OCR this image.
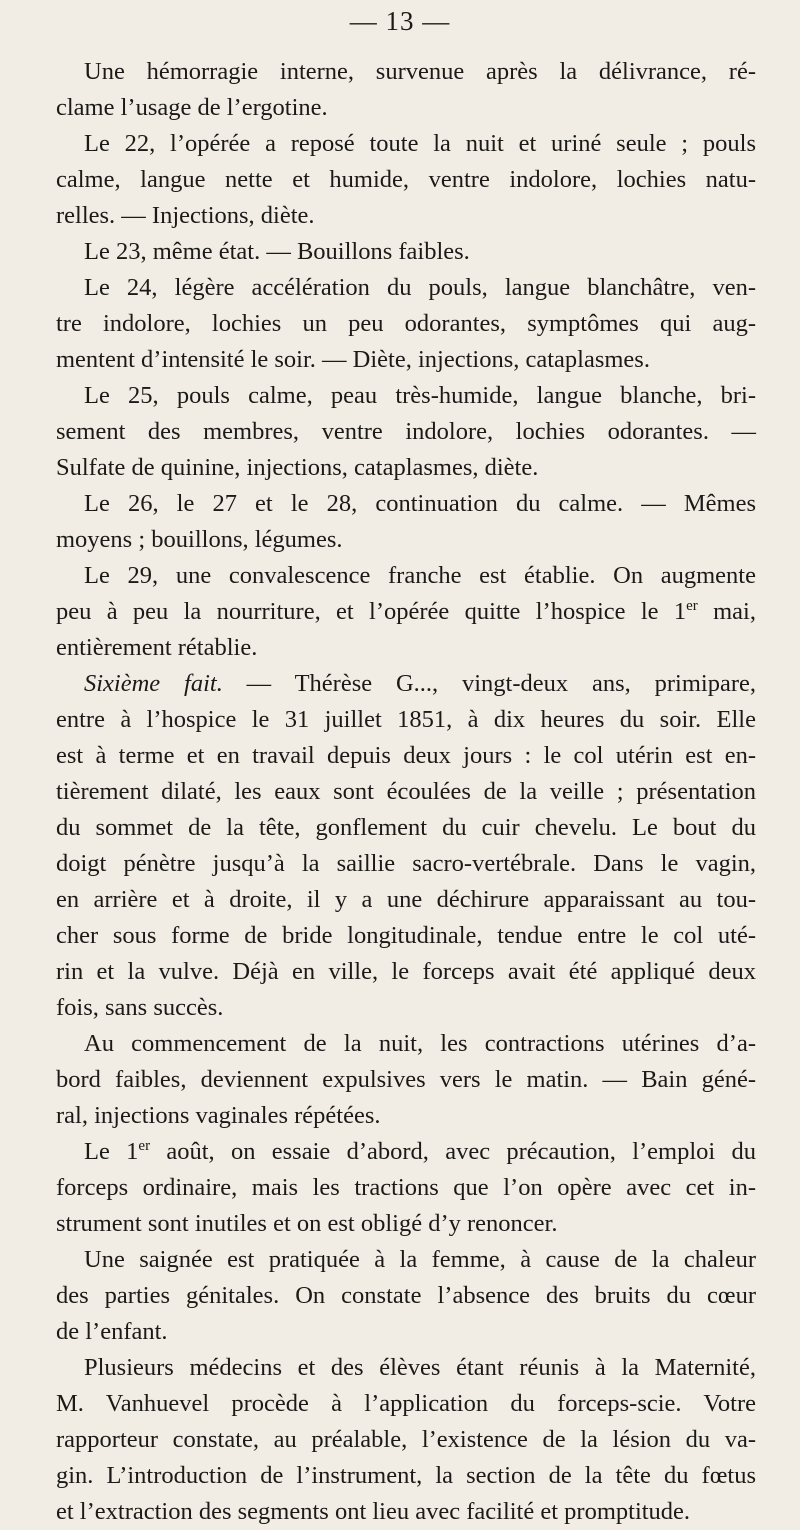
— 13 —
Une hémorragie interne, survenue après la délivrance, ré-
clame l’usage de l’ergotine.
Le 22, l’opérée a reposé toute la nuit et uriné seule ; pouls
calme, langue nette et humide, ventre indolore, lochies natu-
relles. — Injections, diète.
Le 23, même état. — Bouillons faibles.
Le 24, légère accélération du pouls, langue blanchâtre, ven-
tre indolore, lochies un peu odorantes, symptômes qui aug-
mentent d’intensité le soir. — Diète, injections, cataplasmes.
Le 25, pouls calme, peau très-humide, langue blanche, bri-
sement des membres, ventre indolore, lochies odorantes. —
Sulfate de quinine, injections, cataplasmes, diète.
Le 26, le 27 et le 28, continuation du calme. — Mêmes
moyens ; bouillons, légumes.
Le 29, une convalescence franche est établie. On augmente
peu à peu la nourriture, et l’opérée quitte l’hospice le 1er mai,
entièrement rétablie.
Sixième fait. — Thérèse G..., vingt-deux ans, primipare,
entre à l’hospice le 31 juillet 1851, à dix heures du soir. Elle
est à terme et en travail depuis deux jours : le col utérin est en-
tièrement dilaté, les eaux sont écoulées de la veille ; présentation
du sommet de la tête, gonflement du cuir chevelu. Le bout du
doigt pénètre jusqu’à la saillie sacro-vertébrale. Dans le vagin,
en arrière et à droite, il y a une déchirure apparaissant au tou-
cher sous forme de bride longitudinale, tendue entre le col uté-
rin et la vulve. Déjà en ville, le forceps avait été appliqué deux
fois, sans succès.
Au commencement de la nuit, les contractions utérines d’a-
bord faibles, deviennent expulsives vers le matin. — Bain géné-
ral, injections vaginales répétées.
Le 1er août, on essaie d’abord, avec précaution, l’emploi du
forceps ordinaire, mais les tractions que l’on opère avec cet in-
strument sont inutiles et on est obligé d’y renoncer.
Une saignée est pratiquée à la femme, à cause de la chaleur
des parties génitales. On constate l’absence des bruits du cœur
de l’enfant.
Plusieurs médecins et des élèves étant réunis à la Maternité,
M. Vanhuevel procède à l’application du forceps-scie. Votre
rapporteur constate, au préalable, l’existence de la lésion du va-
gin. L’introduction de l’instrument, la section de la tête du fœtus
et l’extraction des segments ont lieu avec facilité et promptitude.
